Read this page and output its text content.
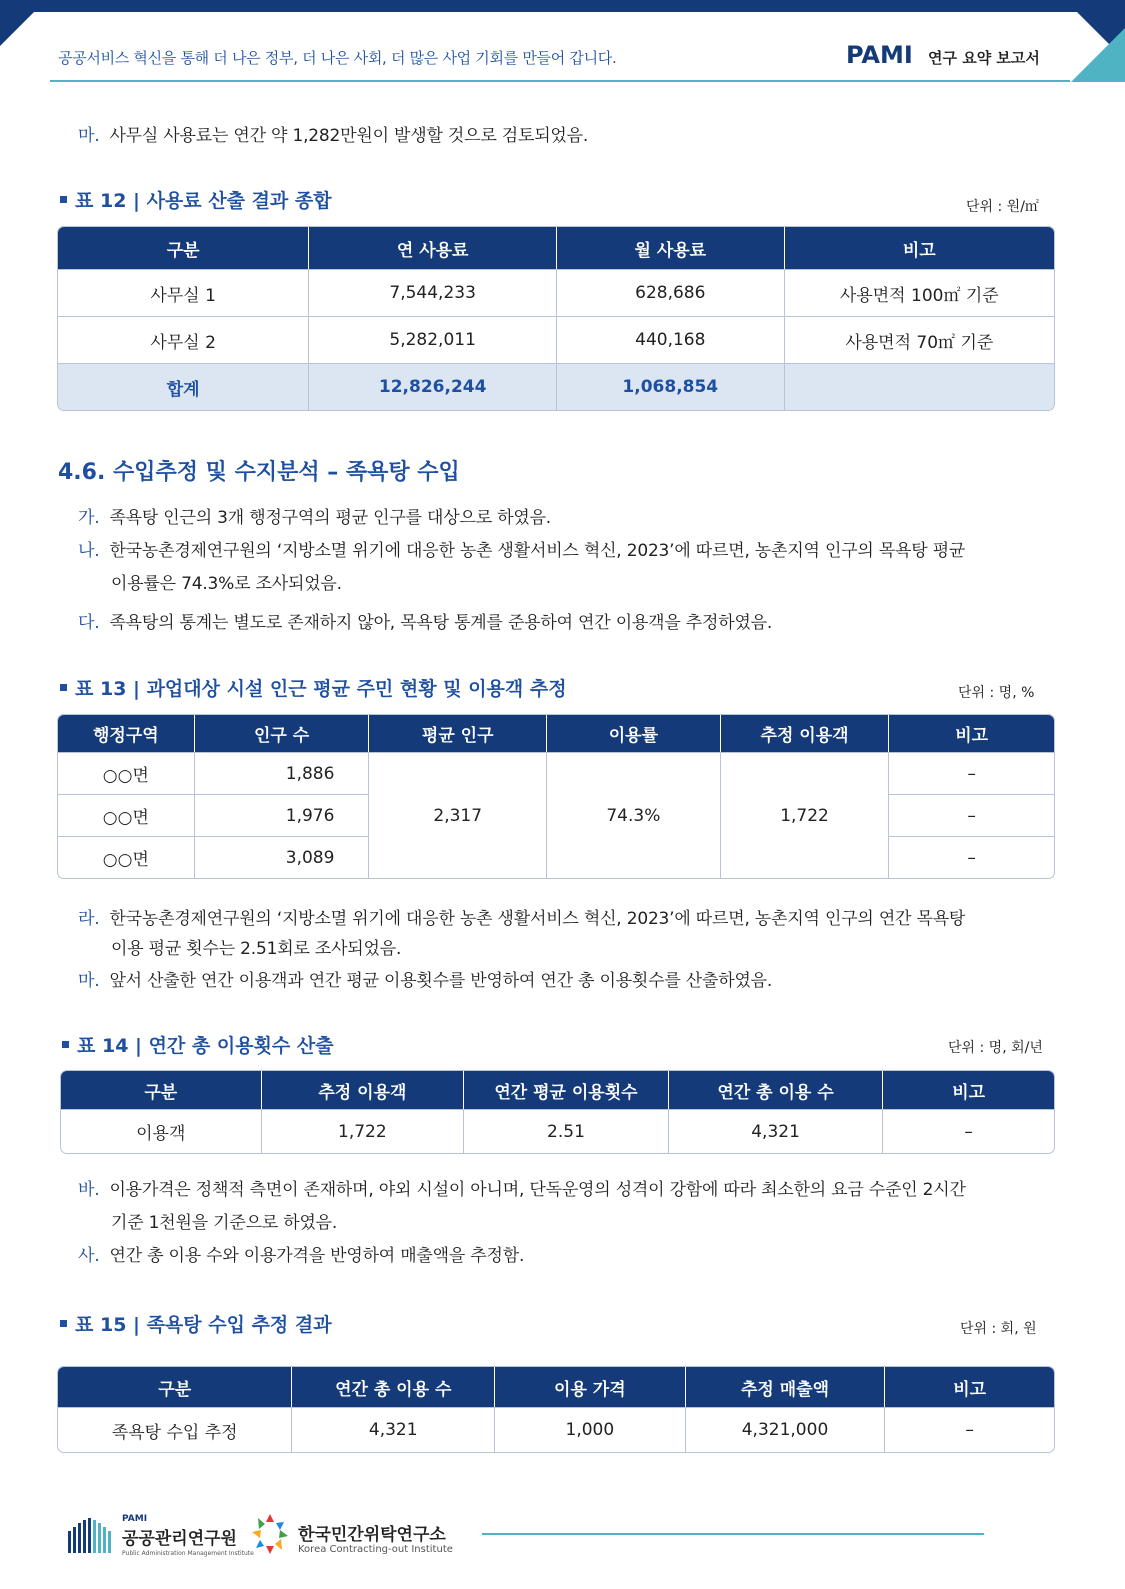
공공서비스 혁신을 통해 더 나은 정부, 더 나은 사회, 더 많은 사업 기회를 만들어 갑니다.	PAMI 연구 요약 보고서
마. 사무실 사용료는 연간 약 1,282만원이 발생할 것으로 검토되었음.
표 12 | 사용료 산출 결과 종합	단위 : 원/㎡
구분	연 사용료	월 사용료	비고
사무실 1	7,544,233	628,686	사용면적 100㎡ 기준
사무실 2	5,282,011	440,168	사용면적 70㎡ 기준
합계	12,826,244	1,068,854	
4.6. 수입추정 및 수지분석 – 족욕탕 수입
가. 족욕탕 인근의 3개 행정구역의 평균 인구를 대상으로 하였음.
나. 한국농촌경제연구원의 ‘지방소멸 위기에 대응한 농촌 생활서비스 혁신, 2023’에 따르면, 농촌지역 인구의 목욕탕 평균
이용률은 74.3%로 조사되었음.
다. 족욕탕의 통계는 별도로 존재하지 않아, 목욕탕 통계를 준용하여 연간 이용객을 추정하였음.
표 13 | 과업대상 시설 인근 평균 주민 현황 및 이용객 추정	단위 : 명, %
행정구역	인구 수	평균 인구	이용률	추정 이용객	비고
○○면	1,886	2,317	74.3%	1,722	–
○○면	1,976				–
○○면	3,089				–
라. 한국농촌경제연구원의 ‘지방소멸 위기에 대응한 농촌 생활서비스 혁신, 2023’에 따르면, 농촌지역 인구의 연간 목욕탕
이용 평균 횟수는 2.51회로 조사되었음.
마. 앞서 산출한 연간 이용객과 연간 평균 이용횟수를 반영하여 연간 총 이용횟수를 산출하였음.
표 14 | 연간 총 이용횟수 산출	단위 : 명, 회/년
구분	추정 이용객	연간 평균 이용횟수	연간 총 이용 수	비고
이용객	1,722	2.51	4,321	–
바. 이용가격은 정책적 측면이 존재하며, 야외 시설이 아니며, 단독운영의 성격이 강함에 따라 최소한의 요금 수준인 2시간
기준 1천원을 기준으로 하였음.
사. 연간 총 이용 수와 이용가격을 반영하여 매출액을 추정함.
표 15 | 족욕탕 수입 추정 결과	단위 : 회, 원
구분	연간 총 이용 수	이용 가격	추정 매출액	비고
족욕탕 수입 추정	4,321	1,000	4,321,000	–
PAMI
공공관리연구원
Public Administration Management Institute
한국민간위탁연구소
Korea Contracting-out Institute
